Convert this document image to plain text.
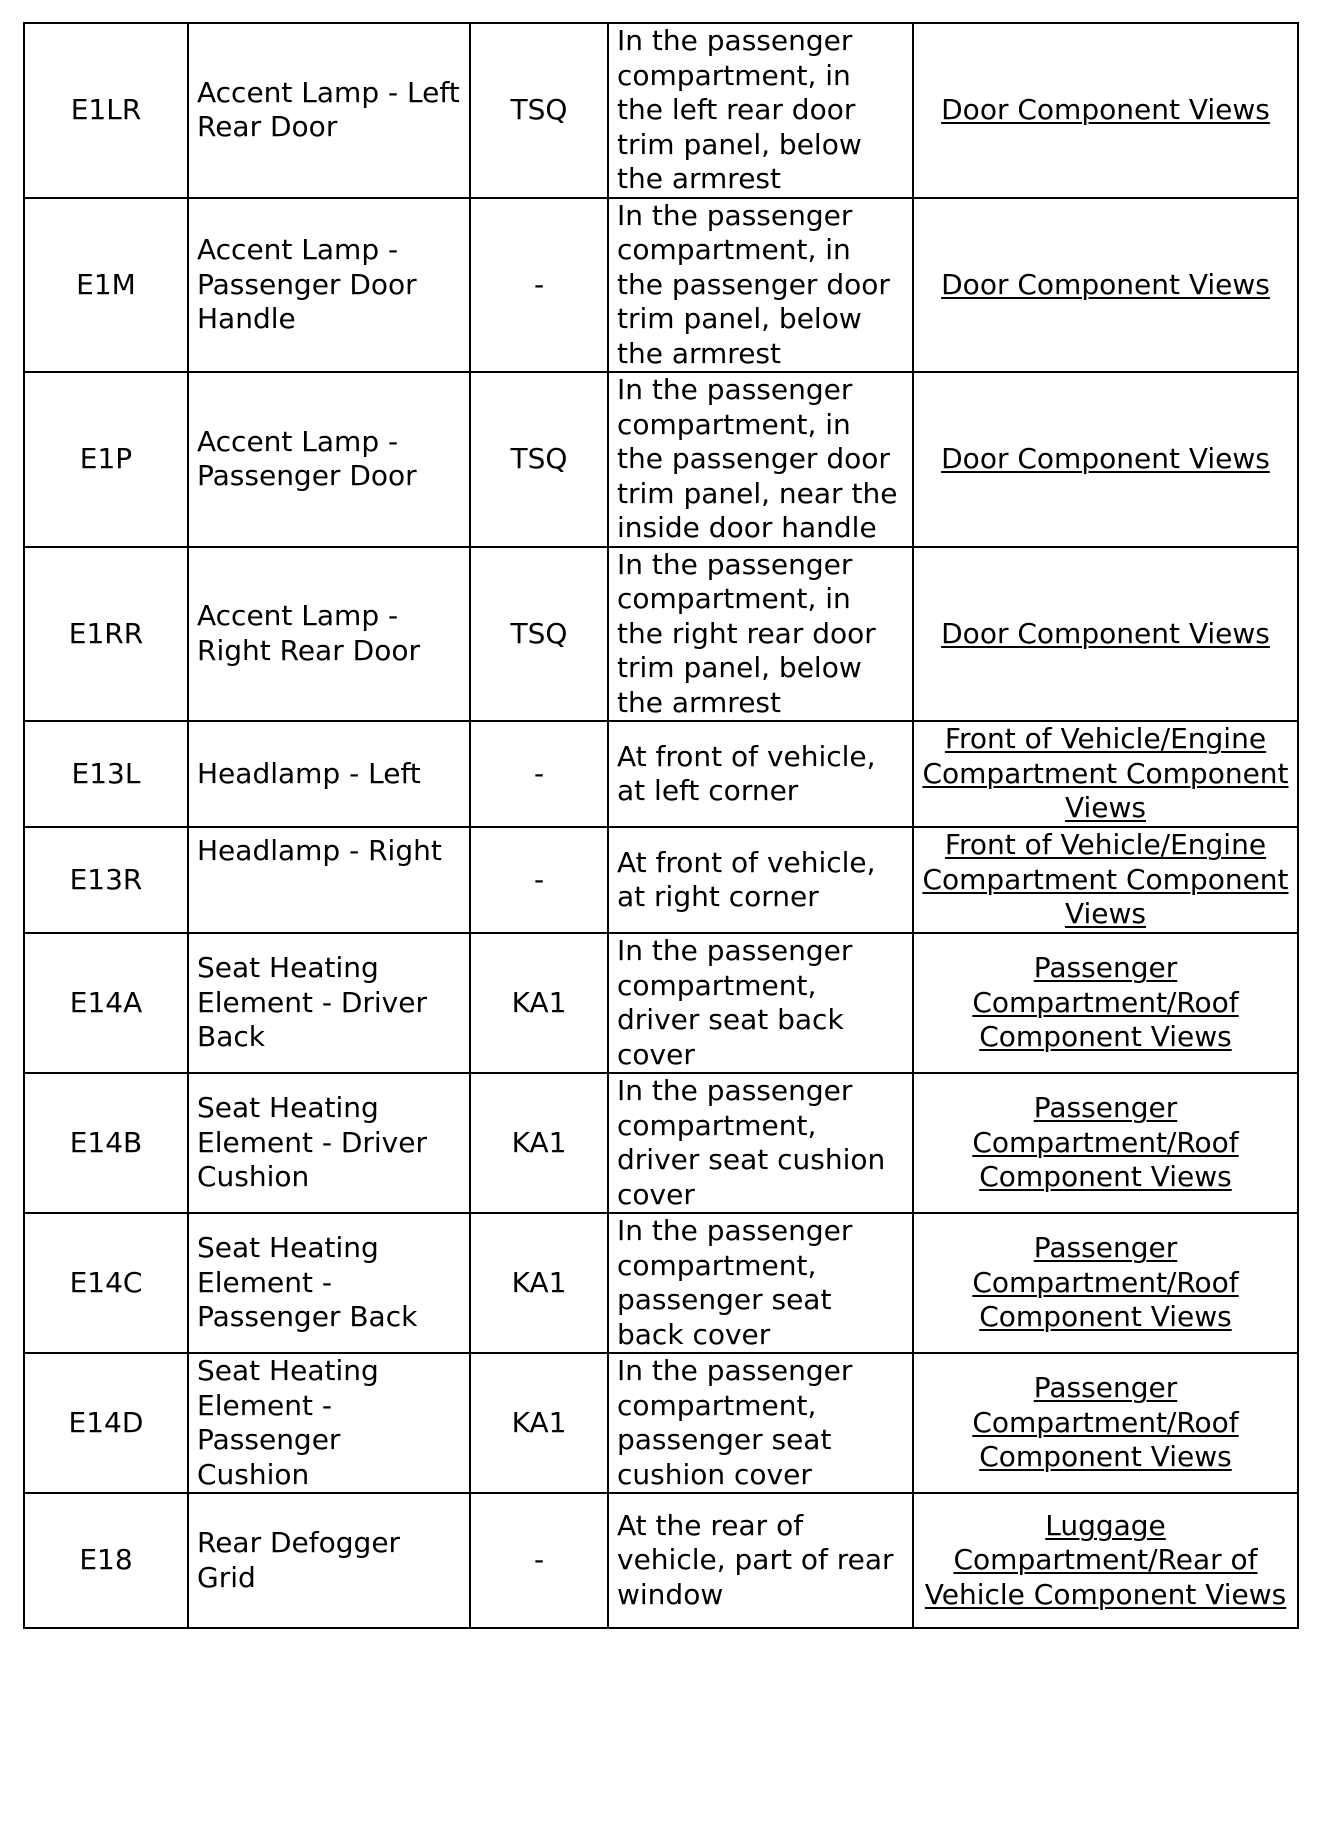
E1LR	Accent Lamp - Left Rear Door	TSQ	In the passenger compartment, in the left rear door trim panel, below the armrest	Door Component Views
E1M	Accent Lamp - Passenger Door Handle	-	In the passenger compartment, in the passenger door trim panel, below the armrest	Door Component Views
E1P	Accent Lamp - Passenger Door	TSQ	In the passenger compartment, in the passenger door trim panel, near the inside door handle	Door Component Views
E1RR	Accent Lamp - Right Rear Door	TSQ	In the passenger compartment, in the right rear door trim panel, below the armrest	Door Component Views
E13L	Headlamp - Left	-	At front of vehicle, at left corner	Front of Vehicle/Engine Compartment Component Views
E13R	Headlamp - Right	-	At front of vehicle, at right corner	Front of Vehicle/Engine Compartment Component Views
E14A	Seat Heating Element - Driver Back	KA1	In the passenger compartment, driver seat back cover	Passenger Compartment/Roof Component Views
E14B	Seat Heating Element - Driver Cushion	KA1	In the passenger compartment, driver seat cushion cover	Passenger Compartment/Roof Component Views
E14C	Seat Heating Element - Passenger Back	KA1	In the passenger compartment, passenger seat back cover	Passenger Compartment/Roof Component Views
E14D	Seat Heating Element - Passenger Cushion	KA1	In the passenger compartment, passenger seat cushion cover	Passenger Compartment/Roof Component Views
E18	Rear Defogger Grid	-	At the rear of vehicle, part of rear window	Luggage Compartment/Rear of Vehicle Component Views
